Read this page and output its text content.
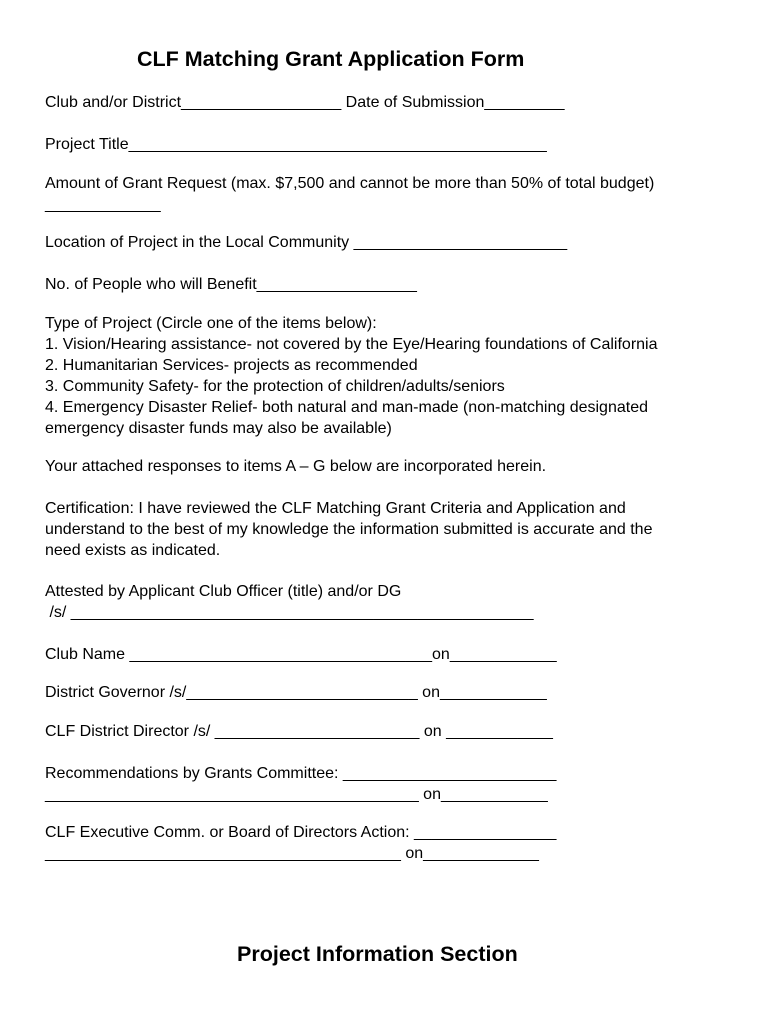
CLF Matching Grant Application Form

Club and/or District__________________ Date of Submission_________

Project Title_______________________________________________

Amount of Grant Request (max. $7,500 and cannot be more than 50% of total budget)

_____________

Location of Project in the Local Community ________________________

No. of People who will Benefit__________________

Type of Project (Circle one of the items below):

1. Vision/Hearing assistance- not covered by the Eye/Hearing foundations of California

2. Humanitarian Services- projects as recommended

3. Community Safety- for the protection of children/adults/seniors

4. Emergency Disaster Relief- both natural and man-made (non-matching designated

emergency disaster funds may also be available)

Your attached responses to items A – G below are incorporated herein.

Certification: I have reviewed the CLF Matching Grant Criteria and Application and

understand to the best of my knowledge the information submitted is accurate and the

need exists as indicated.

Attested by Applicant Club Officer (title) and/or DG

/s/ ____________________________________________________

Club Name __________________________________on____________

District Governor /s/__________________________ on____________

CLF District Director /s/ _______________________ on ____________

Recommendations by Grants Committee: ________________________

__________________________________________ on____________

CLF Executive Comm. or Board of Directors Action: ________________

________________________________________ on_____________

Project Information Section
